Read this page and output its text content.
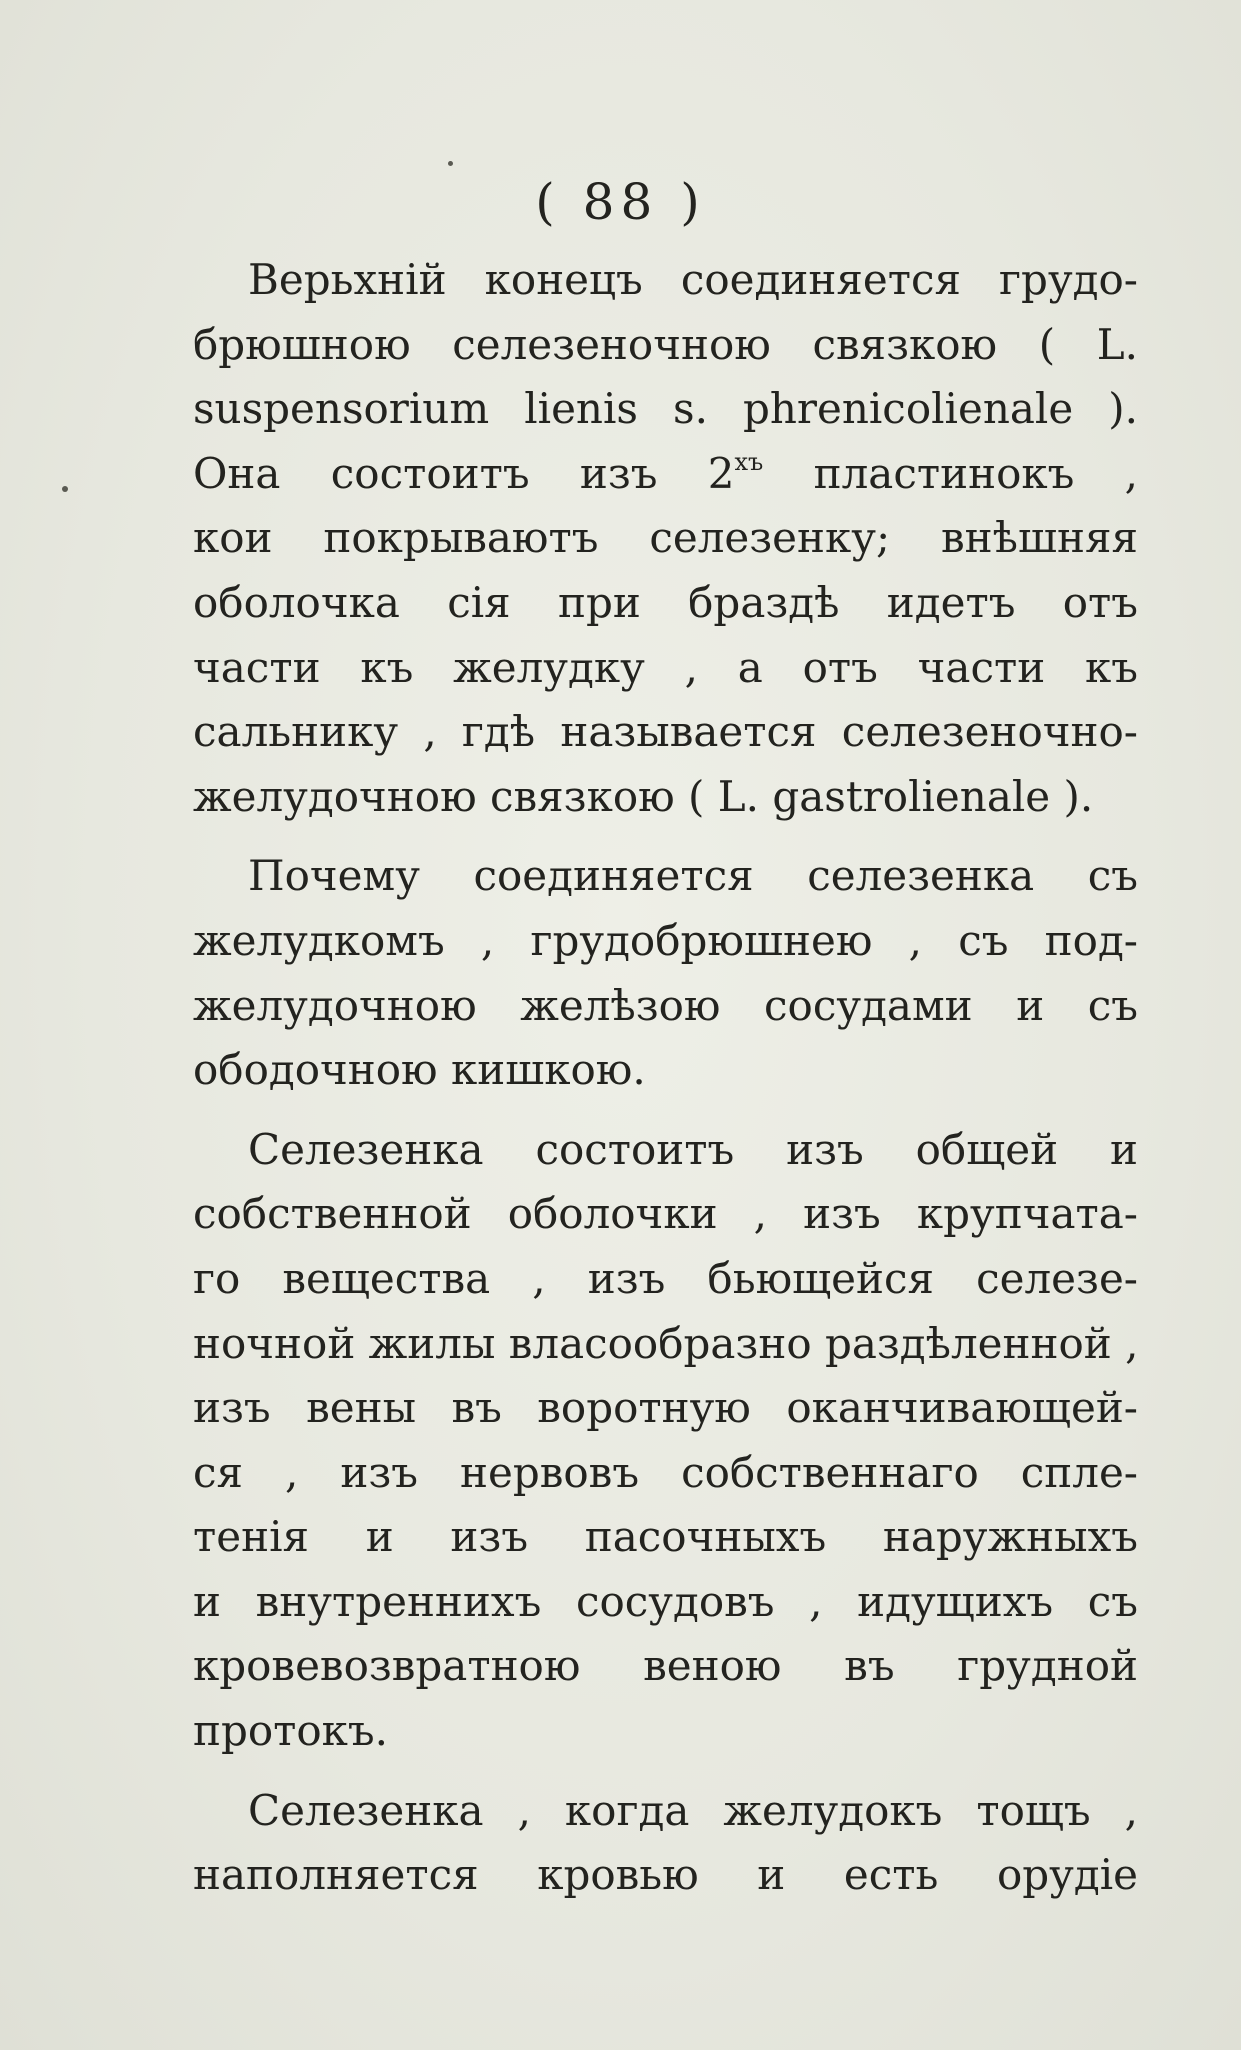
( 88 )
Верьхній конецъ соединяется грудо-
брюшною селезеночною связкою ( L.
suspensorium lienis s. phrenicolienale ).
Она состоитъ изъ $2^{хъ}$ пластинокъ ,
кои покрываютъ селезенку; внѣшняя
оболочка сія при браздѣ идетъ отъ
части къ желудку , а отъ части къ
сальнику , гдѣ называется селезеночно-
желудочною связкою ( L. gastrolienale ).
Почему соединяется селезенка съ
желудкомъ , грудобрюшнею , съ под-
желудочною желѣзою сосудами и съ
ободочною кишкою.
Селезенка состоитъ изъ общей и
собственной оболочки , изъ крупчата-
го вещества , изъ бьющейся селезе-
ночной жилы власообразно раздѣленной ,
изъ вены въ воротную оканчивающей-
ся , изъ нервовъ собственнаго спле-
тенія и изъ пасочныхъ наружныхъ
и внутреннихъ сосудовъ , идущихъ съ
кровевозвратною веною въ грудной
протокъ.
Селезенка , когда желудокъ тощъ ,
наполняется кровью и есть орудіе
